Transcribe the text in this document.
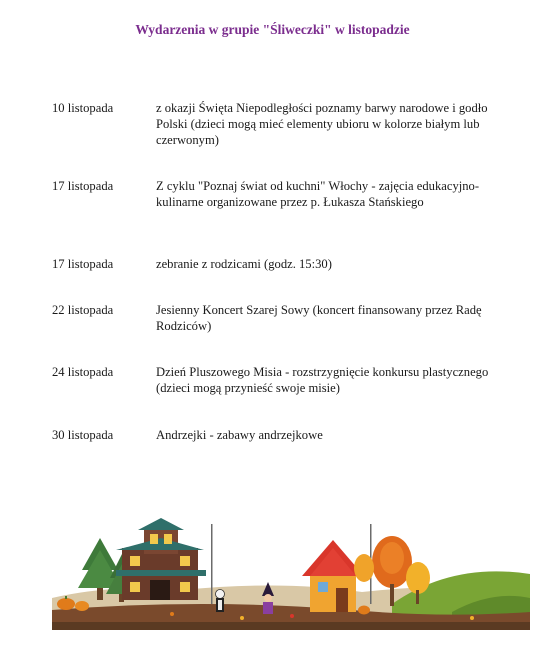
Wydarzenia w grupie "Śliweczki" w listopadzie
10 listopada	z okazji Święta Niepodległości poznamy barwy narodowe i godło Polski (dzieci mogą mieć elementy ubioru w kolorze białym lub czerwonym)
17 listopada	Z cyklu "Poznaj świat od kuchni" Włochy - zajęcia edukacyjno-kulinarne organizowane przez p. Łukasza Stańskiego
17 listopada	zebranie z rodzicami (godz. 15:30)
22 listopada	Jesienny Koncert Szarej Sowy (koncert finansowany przez Radę Rodziców)
24 listopada	Dzień Pluszowego Misia - rozstrzygnięcie konkursu plastycznego (dzieci mogą przynieść swoje misie)
30 listopada	Andrzejki - zabawy andrzejkowe
